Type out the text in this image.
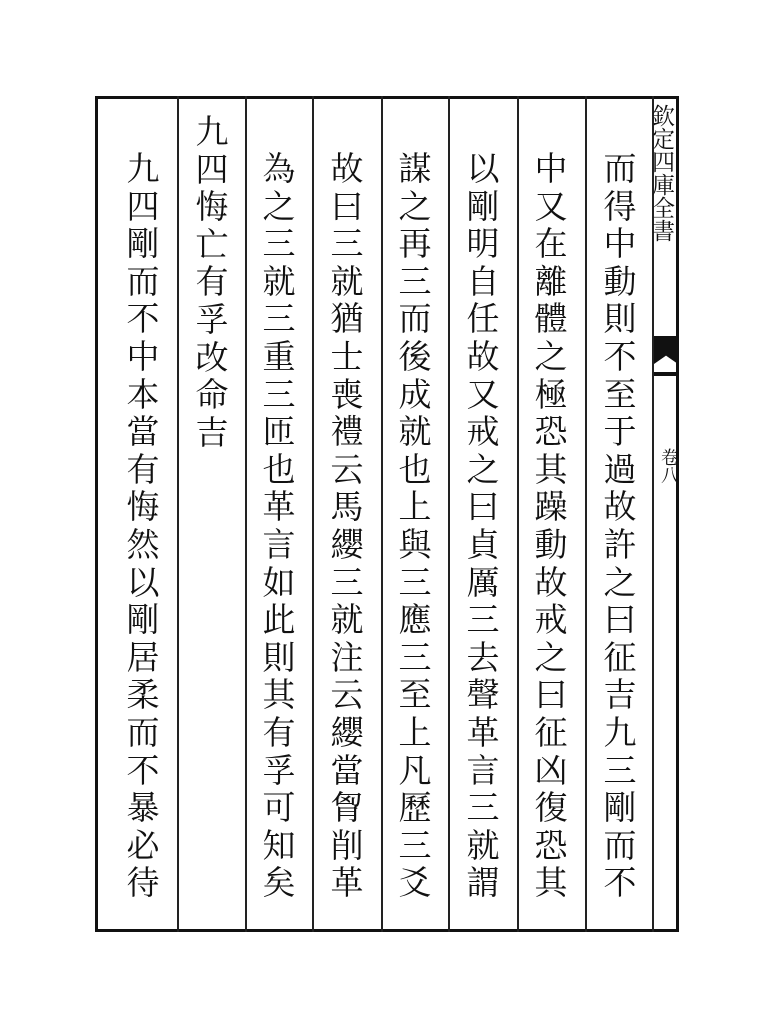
欽定四庫全書
卷八
而
得
中
動
則
不
至
于
過
故
許
之
曰
征
吉
九
三
剛
而
不
中
又
在
離
體
之
極
恐
其
躁
動
故
戒
之
曰
征
凶
復
恐
其
以
剛
明
自
任
故
又
戒
之
曰
貞
厲
三
去
聲
革
言
三
就
謂
謀
之
再
三
而
後
成
就
也
上
與
三
應
三
至
上
凡
歷
三
爻
故
曰
三
就
猶
士
喪
禮
云
馬
纓
三
就
注
云
纓
當
胷
削
革
為
之
三
就
三
重
三
匝
也
革
言
如
此
則
其
有
孚
可
知
矣
九
四
悔
亡
有
孚
改
命
吉
九
四
剛
而
不
中
本
當
有
悔
然
以
剛
居
柔
而
不
暴
必
待
